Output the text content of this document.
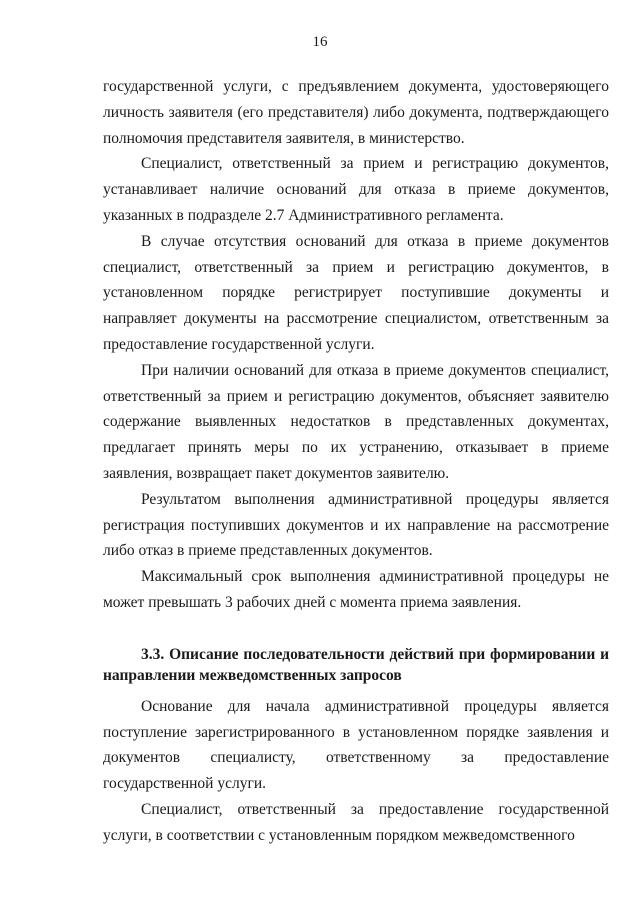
16

государственной услуги, с предъявлением документа, удостоверяющего личность заявителя (его представителя) либо документа, подтверждающего полномочия представителя заявителя, в министерство.

Специалист, ответственный за прием и регистрацию документов, устанавливает наличие оснований для отказа в приеме документов, указанных в подразделе 2.7 Административного регламента.

В случае отсутствия оснований для отказа в приеме документов специалист, ответственный за прием и регистрацию документов, в установленном порядке регистрирует поступившие документы и направляет документы на рассмотрение специалистом, ответственным за предоставление государственной услуги.

При наличии оснований для отказа в приеме документов специалист, ответственный за прием и регистрацию документов, объясняет заявителю содержание выявленных недостатков в представленных документах, предлагает принять меры по их устранению, отказывает в приеме заявления, возвращает пакет документов заявителю.

Результатом выполнения административной процедуры является регистрация поступивших документов и их направление на рассмотрение либо отказ в приеме представленных документов.

Максимальный срок выполнения административной процедуры не может превышать 3 рабочих дней с момента приема заявления.

3.3. Описание последовательности действий при формировании и направлении межведомственных запросов

Основание для начала административной процедуры является поступление зарегистрированного в установленном порядке заявления и документов специалисту, ответственному за предоставление государственной услуги.

Специалист, ответственный за предоставление государственной услуги, в соответствии с установленным порядком межведомственного
